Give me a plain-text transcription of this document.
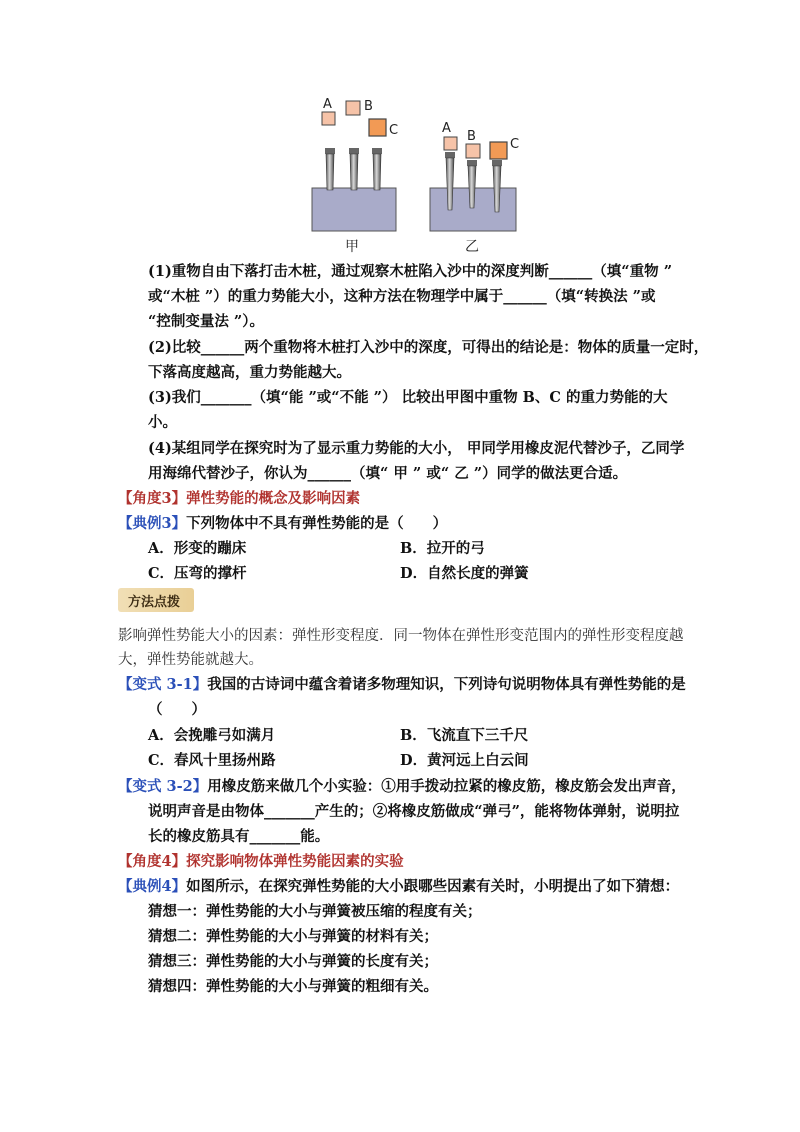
A B
C	A
B
C
甲	乙
(1)重物自由下落打击木桩，通过观察木桩陷入沙中的深度判断______（填“重物 ”
或“木桩 ”）的重力势能大小，这种方法在物理学中属于______（填“转换法 ”或
“控制变量法 ”）。
(2)比较______两个重物将木桩打入沙中的深度，可得出的结论是：物体的质量一定时，
下落高度越高，重力势能越大。
(3)我们_______（填“能 ”或“不能 ”） 比较出甲图中重物 B、C 的重力势能的大
小。
(4)某组同学在探究时为了显示重力势能的大小， 甲同学用橡皮泥代替沙子，乙同学
用海绵代替沙子，你认为______（填“ 甲 ” 或“ 乙 ”）同学的做法更合适。
【角度3】弹性势能的概念及影响因素
【典例3】下列物体中不具有弹性势能的是（　　）
A．形变的蹦床	B．拉开的弓
C．压弯的撑杆	D．自然长度的弹簧
方法点拨
影响弹性势能大小的因素：弹性形变程度．同一物体在弹性形变范围内的弹性形变程度越
大，弹性势能就越大。
【变式 3-1】我国的古诗词中蕴含着诸多物理知识，下列诗句说明物体具有弹性势能的是
（　　）
A．会挽雕弓如满月	B．飞流直下三千尺
C．春风十里扬州路	D．黄河远上白云间
【变式 3-2】用橡皮筋来做几个小实验：①用手拨动拉紧的橡皮筋，橡皮筋会发出声音，
说明声音是由物体_______产生的；②将橡皮筋做成“弹弓”，能将物体弹射，说明拉
长的橡皮筋具有_______能。
【角度4】探究影响物体弹性势能因素的实验
【典例4】如图所示，在探究弹性势能的大小跟哪些因素有关时，小明提出了如下猜想：
猜想一：弹性势能的大小与弹簧被压缩的程度有关；
猜想二：弹性势能的大小与弹簧的材料有关；
猜想三：弹性势能的大小与弹簧的长度有关；
猜想四：弹性势能的大小与弹簧的粗细有关。
